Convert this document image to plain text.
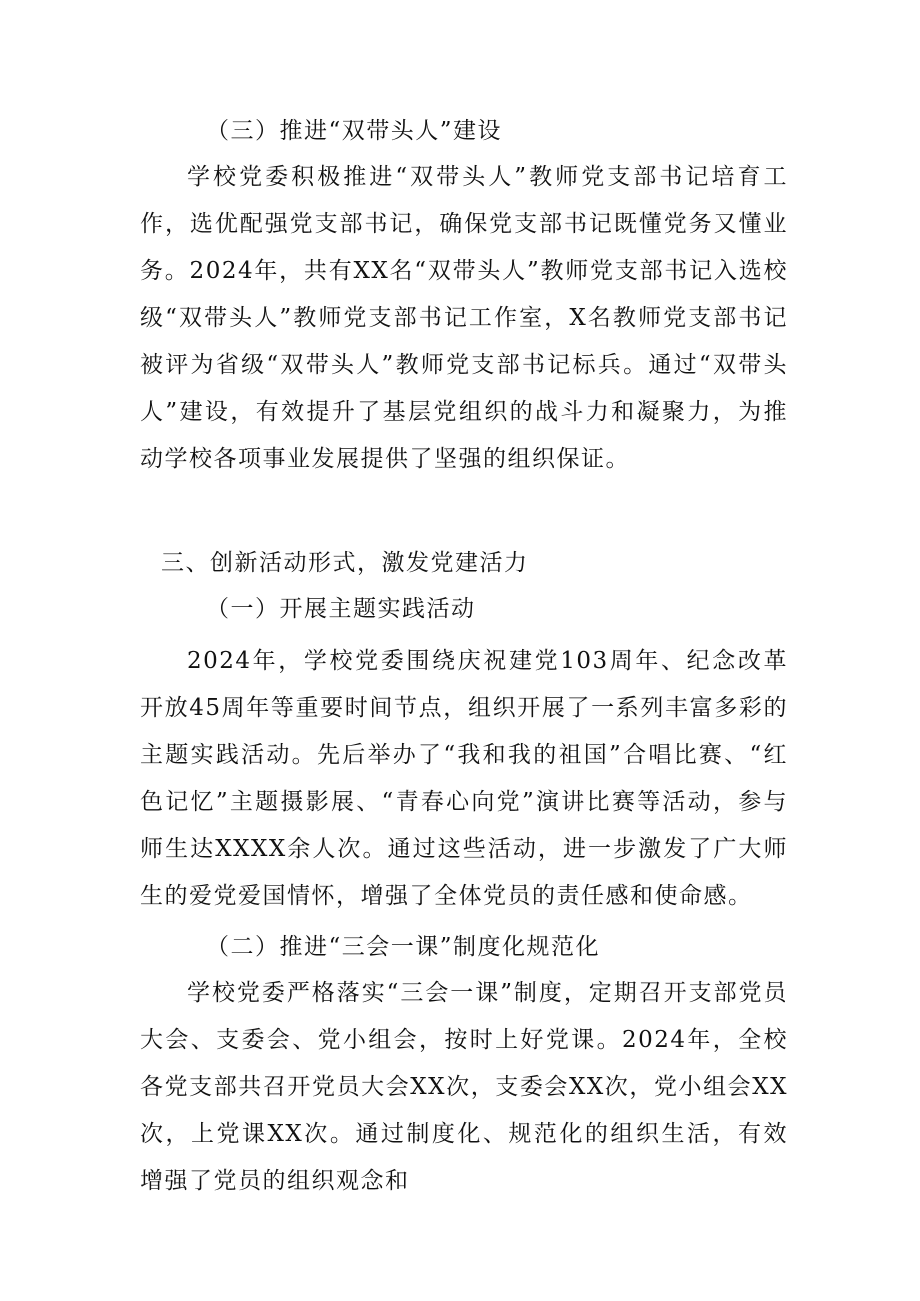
（三）推进“双带头人”建设

学校党委积极推进“双带头人”教师党支部书记培育工作，选优配强党支部书记，确保党支部书记既懂党务又懂业务。2024年，共有XX名“双带头人”教师党支部书记入选校级“双带头人”教师党支部书记工作室，X名教师党支部书记被评为省级“双带头人”教师党支部书记标兵。通过“双带头人”建设，有效提升了基层党组织的战斗力和凝聚力，为推动学校各项事业发展提供了坚强的组织保证。

三、创新活动形式，激发党建活力

（一）开展主题实践活动

2024年，学校党委围绕庆祝建党103周年、纪念改革开放45周年等重要时间节点，组织开展了一系列丰富多彩的主题实践活动。先后举办了“我和我的祖国”合唱比赛、“红色记忆”主题摄影展、“青春心向党”演讲比赛等活动，参与师生达XXXX余人次。通过这些活动，进一步激发了广大师生的爱党爱国情怀，增强了全体党员的责任感和使命感。

（二）推进“三会一课”制度化规范化

学校党委严格落实“三会一课”制度，定期召开支部党员大会、支委会、党小组会，按时上好党课。2024年，全校各党支部共召开党员大会XX次，支委会XX次，党小组会XX次，上党课XX次。通过制度化、规范化的组织生活，有效增强了党员的组织观念和
